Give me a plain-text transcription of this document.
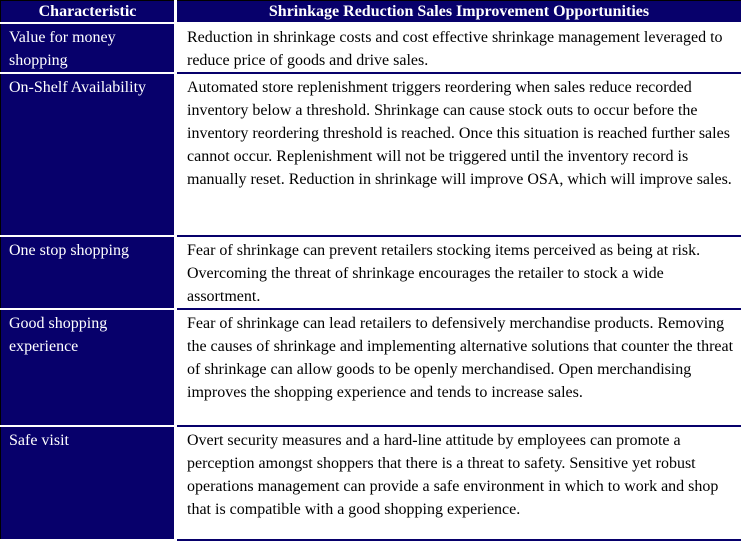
Characteristic	Shrinkage Reduction Sales Improvement Opportunities
Value for money shopping	Reduction in shrinkage costs and cost effective shrinkage management leveraged to reduce price of goods and drive sales.
On-Shelf Availability	Automated store replenishment triggers reordering when sales reduce recorded inventory below a threshold. Shrinkage can cause stock outs to occur before the inventory reordering threshold is reached. Once this situation is reached further sales cannot occur. Replenishment will not be triggered until the inventory record is manually reset. Reduction in shrinkage will improve OSA, which will improve sales.
One stop shopping	Fear of shrinkage can prevent retailers stocking items perceived as being at risk. Overcoming the threat of shrinkage encourages the retailer to stock a wide assortment.
Good shopping experience	Fear of shrinkage can lead retailers to defensively merchandise products. Removing the causes of shrinkage and implementing alternative solutions that counter the threat of shrinkage can allow goods to be openly merchandised. Open merchandising improves the shopping experience and tends to increase sales.
Safe visit	Overt security measures and a hard-line attitude by employees can promote a perception amongst shoppers that there is a threat to safety. Sensitive yet robust operations management can provide a safe environment in which to work and shop that is compatible with a good shopping experience.
